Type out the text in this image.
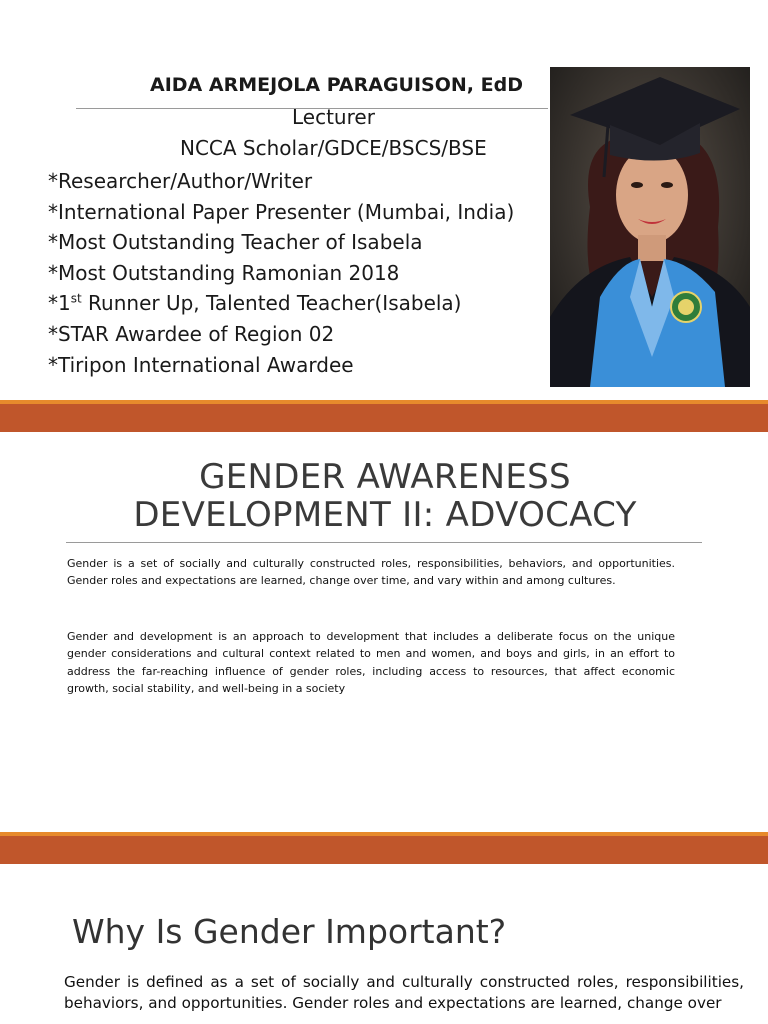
AIDA ARMEJOLA PARAGUISON, EdD
Lecturer
NCCA Scholar/GDCE/BSCS/BSE
*Researcher/Author/Writer
*International Paper Presenter (Mumbai, India)
*Most Outstanding Teacher of Isabela
*Most Outstanding Ramonian 2018
*1st Runner Up, Talented Teacher(Isabela)
*STAR Awardee of Region 02
*Tiripon International Awardee
GENDER AWARENESS
DEVELOPMENT II: ADVOCACY

Gender is a set of socially and culturally constructed roles, responsibilities, behaviors, and opportunities. Gender roles and expectations are learned, change over time, and vary within and among cultures.

Gender and development is an approach to development that includes a deliberate focus on the unique gender considerations and cultural context related to men and women, and boys and girls, in an effort to address the far-reaching influence of gender roles, including access to resources, that affect economic growth, social stability, and well-being in a society

Why Is Gender Important?

Gender is defined as a set of socially and culturally constructed roles, responsibilities, behaviors, and opportunities. Gender roles and expectations are learned, change over
